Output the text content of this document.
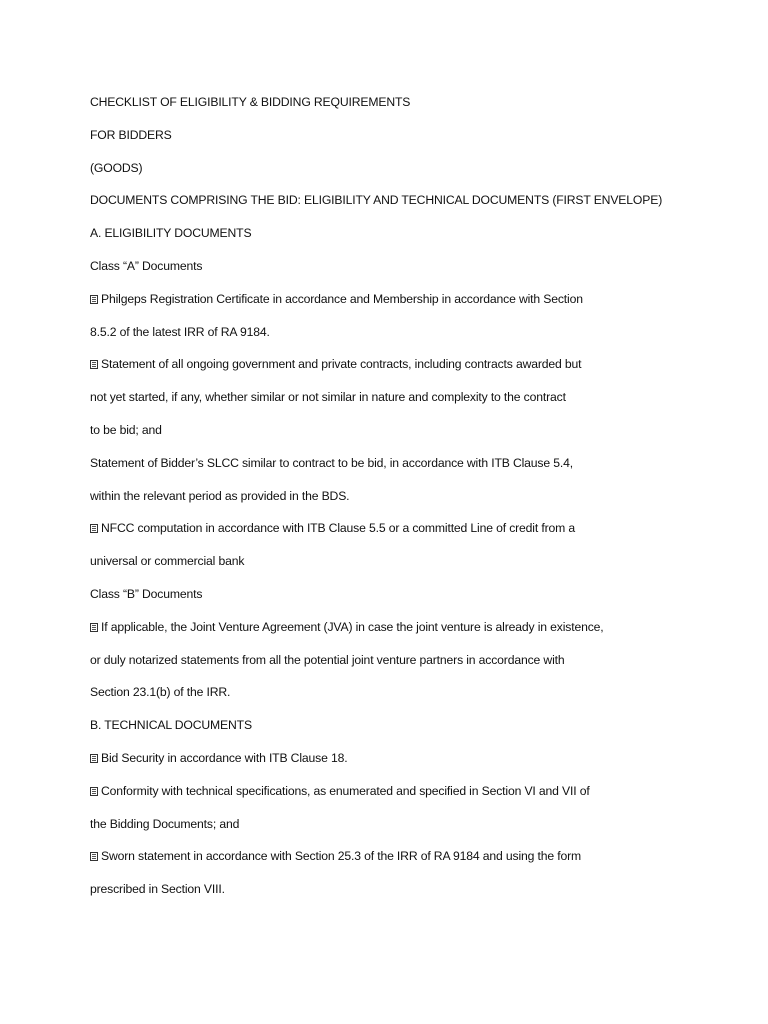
CHECKLIST OF ELIGIBILITY & BIDDING REQUIREMENTS
FOR BIDDERS
(GOODS)
DOCUMENTS COMPRISING THE BID: ELIGIBILITY AND TECHNICAL DOCUMENTS (FIRST ENVELOPE)
A. ELIGIBILITY DOCUMENTS
Class “A” Documents
Philgeps Registration Certificate in accordance and Membership in accordance with Section
8.5.2 of the latest IRR of RA 9184.
Statement of all ongoing government and private contracts, including contracts awarded but
not yet started, if any, whether similar or not similar in nature and complexity to the contract
to be bid; and
Statement of Bidder’s SLCC similar to contract to be bid, in accordance with ITB Clause 5.4,
within the relevant period as provided in the BDS.
NFCC computation in accordance with ITB Clause 5.5 or a committed Line of credit from a
universal or commercial bank
Class “B” Documents
If applicable, the Joint Venture Agreement (JVA) in case the joint venture is already in existence,
or duly notarized statements from all the potential joint venture partners in accordance with
Section 23.1(b) of the IRR.
B. TECHNICAL DOCUMENTS
Bid Security in accordance with ITB Clause 18.
Conformity with technical specifications, as enumerated and specified in Section VI and VII of
the Bidding Documents; and
Sworn statement in accordance with Section 25.3 of the IRR of RA 9184 and using the form
prescribed in Section VIII.
